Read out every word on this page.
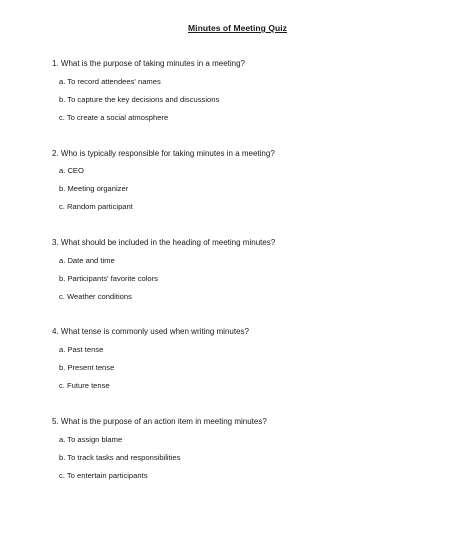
Minutes of Meeting Quiz
1. What is the purpose of taking minutes in a meeting?
a. To record attendees' names
b. To capture the key decisions and discussions
c. To create a social atmosphere
2. Who is typically responsible for taking minutes in a meeting?
a. CEO
b. Meeting organizer
c. Random participant
3. What should be included in the heading of meeting minutes?
a. Date and time
b. Participants' favorite colors
c. Weather conditions
4. What tense is commonly used when writing minutes?
a. Past tense
b. Present tense
c. Future tense
5. What is the purpose of an action item in meeting minutes?
a. To assign blame
b. To track tasks and responsibilities
c. To entertain participants
